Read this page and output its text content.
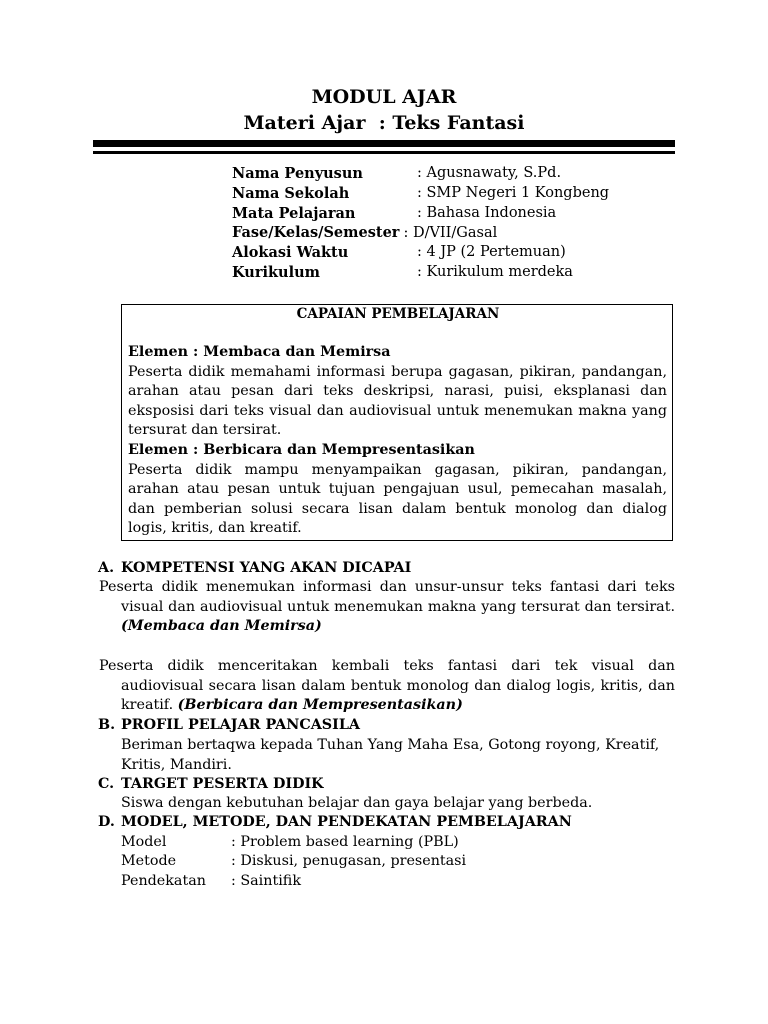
MODUL AJAR
Materi Ajar  : Teks Fantasi
Nama Penyusun	: Agusnawaty, S.Pd.
Nama Sekolah	: SMP Negeri 1 Kongbeng
Mata Pelajaran	: Bahasa Indonesia
Fase/Kelas/Semester : D/VII/Gasal
Alokasi Waktu	: 4 JP (2 Pertemuan)
Kurikulum	: Kurikulum merdeka
CAPAIAN PEMBELAJARAN
Elemen : Membaca dan Memirsa
Peserta didik memahami informasi berupa gagasan, pikiran, pandangan, arahan atau pesan dari teks deskripsi, narasi, puisi, eksplanasi dan eksposisi dari teks visual dan audiovisual untuk menemukan makna yang tersurat dan tersirat.
Elemen : Berbicara dan Mempresentasikan
Peserta didik mampu menyampaikan gagasan, pikiran, pandangan, arahan atau pesan untuk tujuan pengajuan usul, pemecahan masalah, dan pemberian solusi secara lisan dalam bentuk monolog dan dialog logis, kritis, dan kreatif.
A. KOMPETENSI YANG AKAN DICAPAI
Peserta didik menemukan informasi dan unsur-unsur teks fantasi dari teks visual dan audiovisual untuk menemukan makna yang tersurat dan tersirat. (Membaca dan Memirsa)
Peserta didik menceritakan kembali teks fantasi dari tek visual dan audiovisual secara lisan dalam bentuk monolog dan dialog logis, kritis, dan kreatif. (Berbicara dan Mempresentasikan)
B. PROFIL PELAJAR PANCASILA
Beriman bertaqwa kepada Tuhan Yang Maha Esa, Gotong royong, Kreatif, Kritis, Mandiri.
C. TARGET PESERTA DIDIK
Siswa dengan kebutuhan belajar dan gaya belajar yang berbeda.
D. MODEL, METODE, DAN PENDEKATAN PEMBELAJARAN
Model	: Problem based learning (PBL)
Metode	: Diskusi, penugasan, presentasi
Pendekatan : Saintifik
